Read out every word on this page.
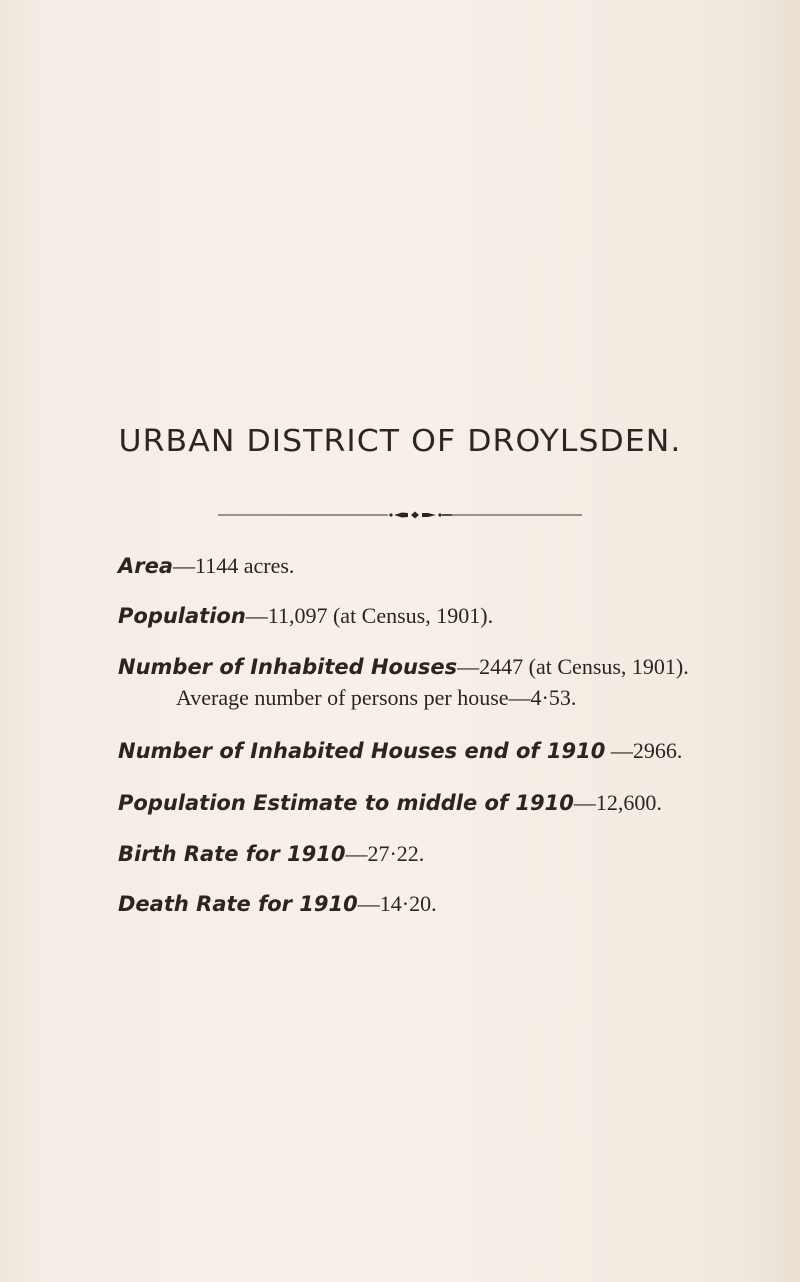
URBAN DISTRICT OF DROYLSDEN.

Area—1144 acres.

Population—11,097 (at Census, 1901).

Number of Inhabited Houses—2447 (at Census, 1901).

Average number of persons per house—4·53.

Number of Inhabited Houses end of 1910 —2966.

Population Estimate to middle of 1910—12,600.

Birth Rate for 1910—27·22.

Death Rate for 1910—14·20.
